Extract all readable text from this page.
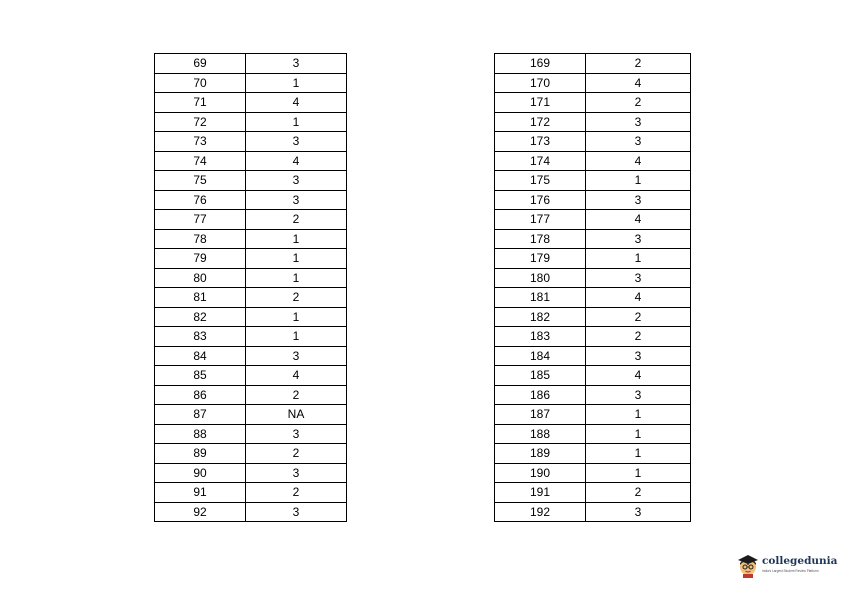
69	3
70	1
71	4
72	1
73	3
74	4
75	3
76	3
77	2
78	1
79	1
80	1
81	2
82	1
83	1
84	3
85	4
86	2
87	NA
88	3
89	2
90	3
91	2
92	3
169	2
170	4
171	2
172	3
173	3
174	4
175	1
176	3
177	4
178	3
179	1
180	3
181	4
182	2
183	2
184	3
185	4
186	3
187	1
188	1
189	1
190	1
191	2
192	3
collegedunia
India's Largest Student Review Platform
